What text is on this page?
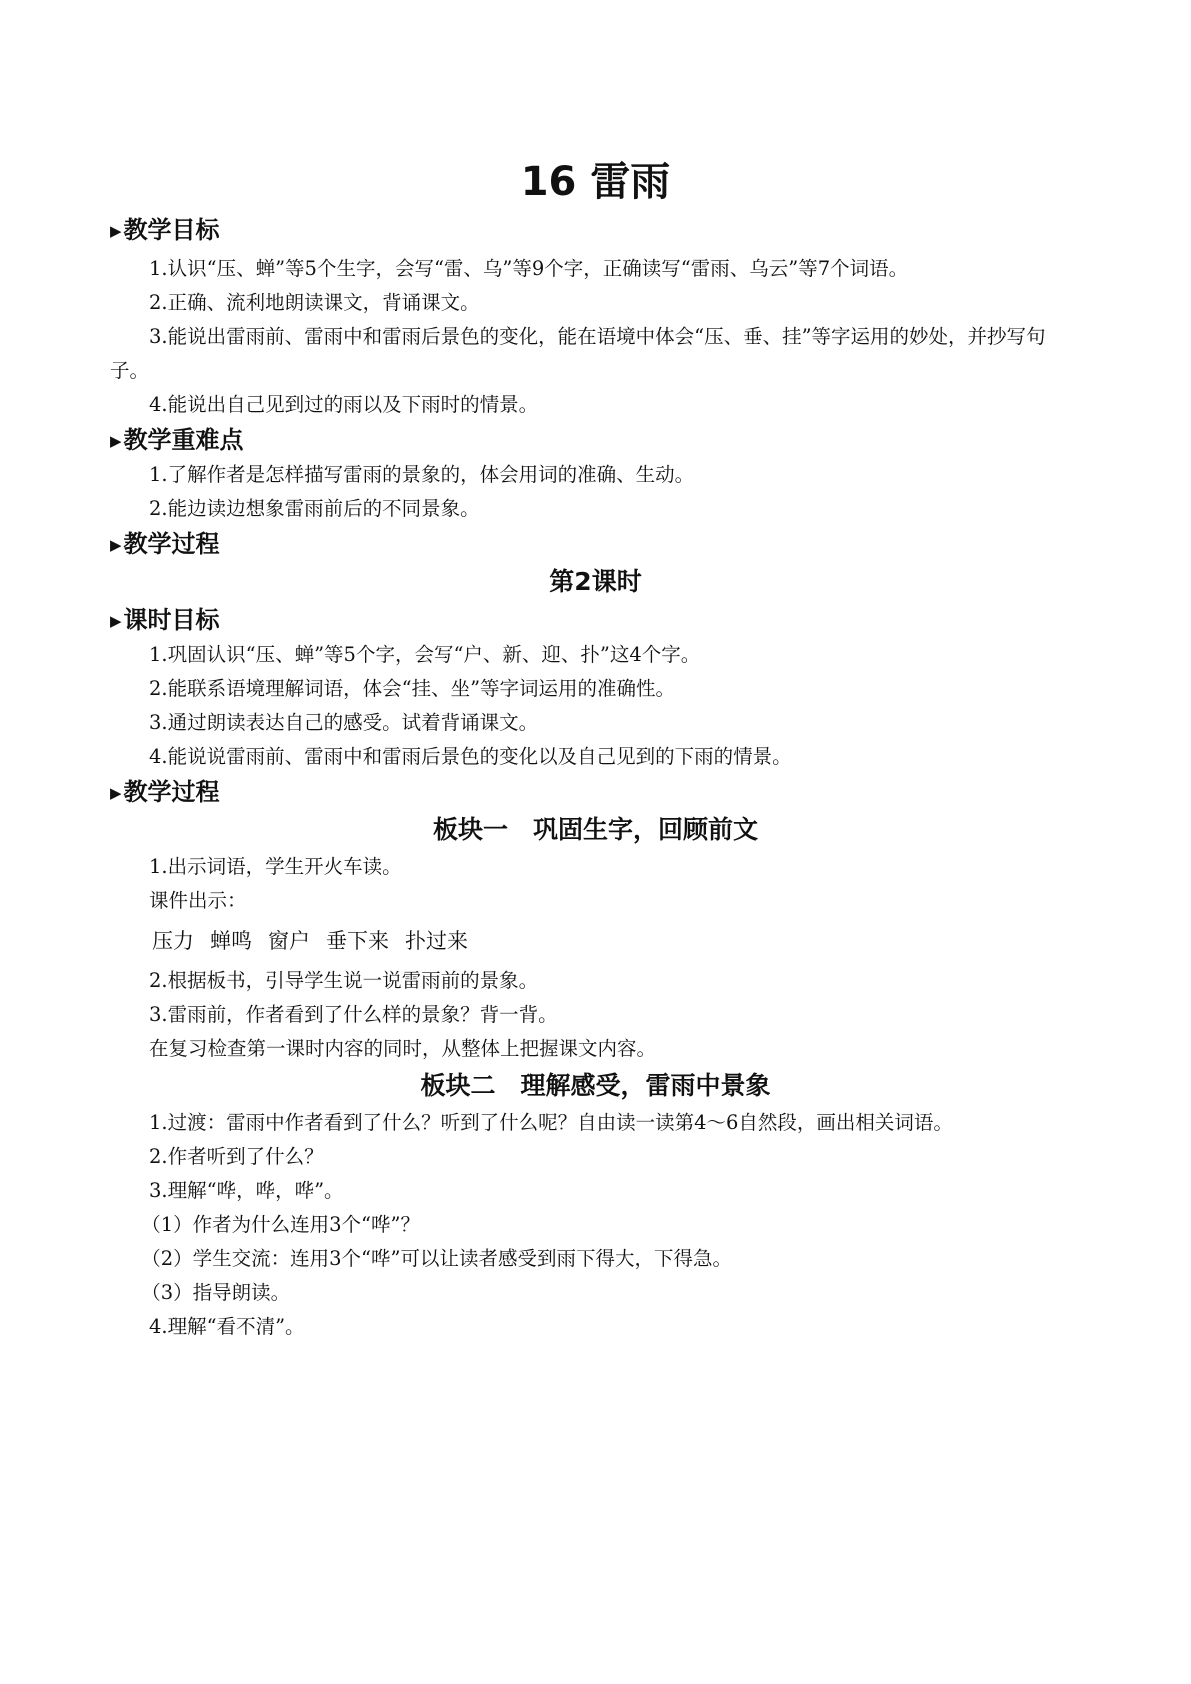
16 雷雨
▶教学目标

1.认识“压、蝉”等5个生字，会写“雷、乌”等9个字，正确读写“雷雨、乌云”等7个词语。

2.正确、流利地朗读课文，背诵课文。

3.能说出雷雨前、雷雨中和雷雨后景色的变化，能在语境中体会“压、垂、挂”等字运用的妙处，并抄写句子。

4.能说出自己见到过的雨以及下雨时的情景。

▶教学重难点

1.了解作者是怎样描写雷雨的景象的，体会用词的准确、生动。

2.能边读边想象雷雨前后的不同景象。

▶教学过程
第2课时
▶课时目标

1.巩固认识“压、蝉”等5个字，会写“户、新、迎、扑”这4个字。

2.能联系语境理解词语，体会“挂、坐”等字词运用的准确性。

3.通过朗读表达自己的感受。试着背诵课文。

4.能说说雷雨前、雷雨中和雷雨后景色的变化以及自己见到的下雨的情景。

▶教学过程
板块一　巩固生字，回顾前文

1.出示词语，学生开火车读。

课件出示：

压力 蝉鸣 窗户 垂下来 扑过来

2.根据板书，引导学生说一说雷雨前的景象。

3.雷雨前，作者看到了什么样的景象？背一背。

在复习检查第一课时内容的同时，从整体上把握课文内容。

板块二　理解感受，雷雨中景象

1.过渡：雷雨中作者看到了什么？听到了什么呢？自由读一读第4～6自然段，画出相关词语。

2.作者听到了什么？

3.理解“哗，哗，哗”。

（1）作者为什么连用3个“哗”？

（2）学生交流：连用3个“哗”可以让读者感受到雨下得大，下得急。

（3）指导朗读。

4.理解“看不清”。
